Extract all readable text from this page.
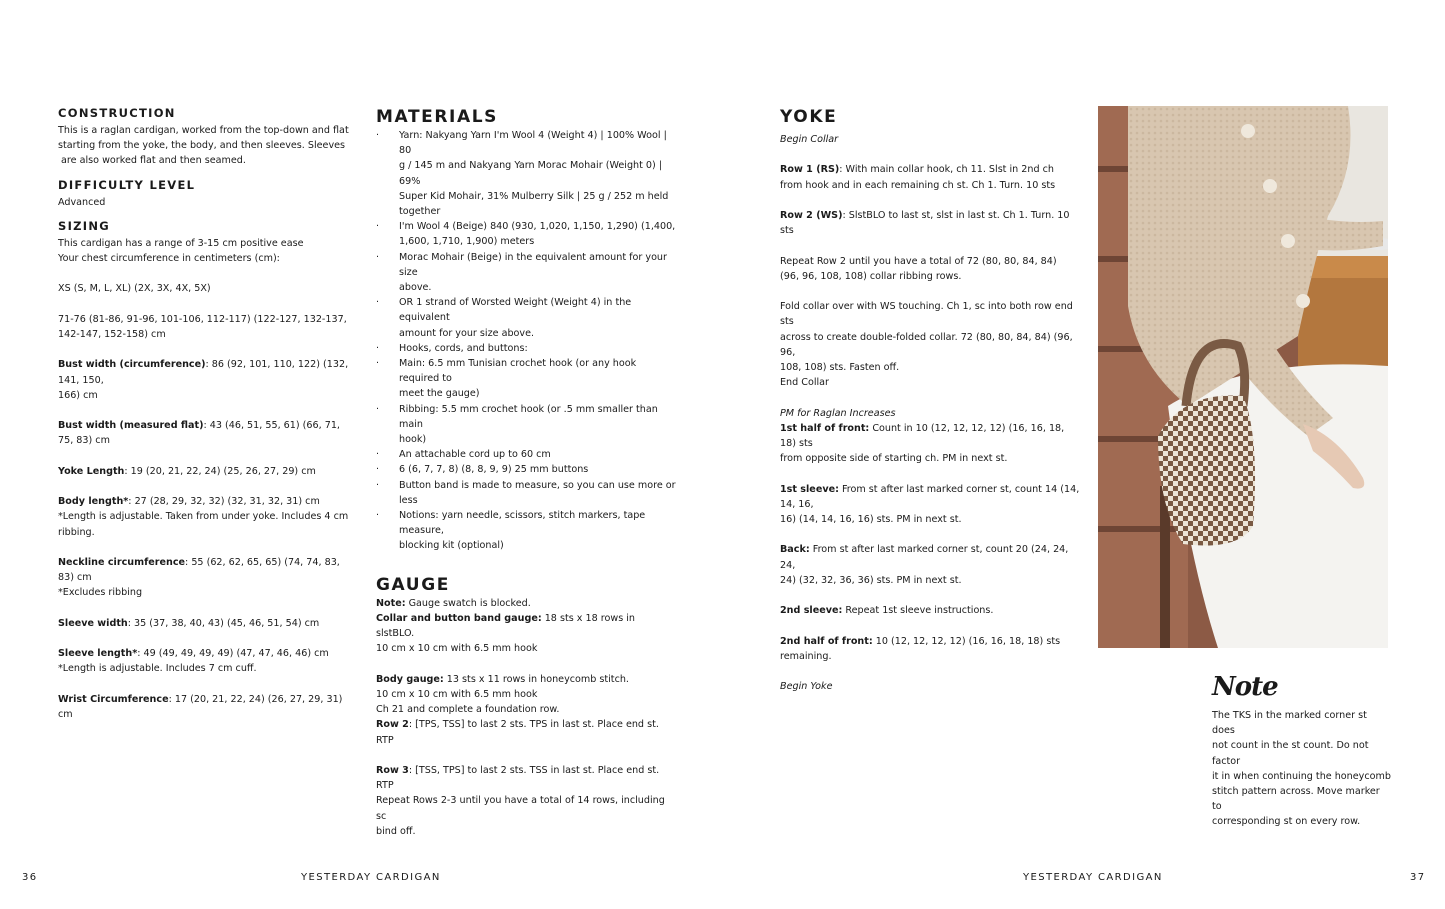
CONSTRUCTION
This is a raglan cardigan, worked from the top-down and flat
starting from the yoke, the body, and then sleeves. Sleeves
are also worked flat and then seamed.
DIFFICULTY LEVEL
Advanced
SIZING
This cardigan has a range of 3-15 cm positive ease
Your chest circumference in centimeters (cm):
XS (S, M, L, XL) (2X, 3X, 4X, 5X)
71-76 (81-86, 91-96, 101-106, 112-117) (122-127, 132-137,
142-147, 152-158) cm
Bust width (circumference): 86 (92, 101, 110, 122) (132, 141, 150,
166) cm
Bust width (measured flat): 43 (46, 51, 55, 61) (66, 71, 75, 83) cm
Yoke Length: 19 (20, 21, 22, 24) (25, 26, 27, 29) cm
Body length*: 27 (28, 29, 32, 32) (32, 31, 32, 31) cm
*Length is adjustable. Taken from under yoke. Includes 4 cm
ribbing.
Neckline circumference: 55 (62, 62, 65, 65) (74, 74, 83, 83) cm
*Excludes ribbing
Sleeve width: 35 (37, 38, 40, 43) (45, 46, 51, 54) cm
Sleeve length*: 49 (49, 49, 49, 49) (47, 47, 46, 46) cm
*Length is adjustable. Includes 7 cm cuff.
Wrist Circumference: 17 (20, 21, 22, 24) (26, 27, 29, 31) cm
MATERIALS
· Yarn: Nakyang Yarn I'm Wool 4 (Weight 4) | 100% Wool | 80
g / 145 m and Nakyang Yarn Morac Mohair (Weight 0) | 69%
Super Kid Mohair, 31% Mulberry Silk | 25 g / 252 m held
together
· I'm Wool 4 (Beige) 840 (930, 1,020, 1,150, 1,290) (1,400,
1,600, 1,710, 1,900) meters
· Morac Mohair (Beige) in the equivalent amount for your size
above.
· OR 1 strand of Worsted Weight (Weight 4) in the equivalent
amount for your size above.
· Hooks, cords, and buttons:
· Main: 6.5 mm Tunisian crochet hook (or any hook required to
meet the gauge)
· Ribbing: 5.5 mm crochet hook (or .5 mm smaller than main
hook)
· An attachable cord up to 60 cm
· 6 (6, 7, 7, 8) (8, 8, 9, 9) 25 mm buttons
· Button band is made to measure, so you can use more or less
· Notions: yarn needle, scissors, stitch markers, tape measure,
blocking kit (optional)
GAUGE
Note: Gauge swatch is blocked.
Collar and button band gauge: 18 sts x 18 rows in slstBLO.
10 cm x 10 cm with 6.5 mm hook
Body gauge: 13 sts x 11 rows in honeycomb stitch.
10 cm x 10 cm with 6.5 mm hook
Ch 21 and complete a foundation row.
Row 2: [TPS, TSS] to last 2 sts. TPS in last st. Place end st. RTP
Row 3: [TSS, TPS] to last 2 sts. TSS in last st. Place end st. RTP
Repeat Rows 2-3 until you have a total of 14 rows, including sc
bind off.
YOKE
Begin Collar
Row 1 (RS): With main collar hook, ch 11. Slst in 2nd ch
from hook and in each remaining ch st. Ch 1. Turn. 10 sts
Row 2 (WS): SlstBLO to last st, slst in last st. Ch 1. Turn. 10 sts
Repeat Row 2 until you have a total of 72 (80, 80, 84, 84)
(96, 96, 108, 108) collar ribbing rows.
Fold collar over with WS touching. Ch 1, sc into both row end sts
across to create double-folded collar. 72 (80, 80, 84, 84) (96, 96,
108, 108) sts. Fasten off.
End Collar
PM for Raglan Increases
1st half of front: Count in 10 (12, 12, 12, 12) (16, 16, 18, 18) sts
from opposite side of starting ch. PM in next st.
1st sleeve: From st after last marked corner st, count 14 (14, 14, 16,
16) (14, 14, 16, 16) sts. PM in next st.
Back: From st after last marked corner st, count 20 (24, 24, 24,
24) (32, 32, 36, 36) sts. PM in next st.
2nd sleeve: Repeat 1st sleeve instructions.
2nd half of front: 10 (12, 12, 12, 12) (16, 16, 18, 18) sts remaining.
Begin Yoke	Note
The TKS in the marked corner st does
not count in the st count. Do not factor
it in when continuing the honeycomb
stitch pattern across. Move marker to
corresponding st on every row.
36	YESTERDAY CARDIGAN	YESTERDAY CARDIGAN	37
